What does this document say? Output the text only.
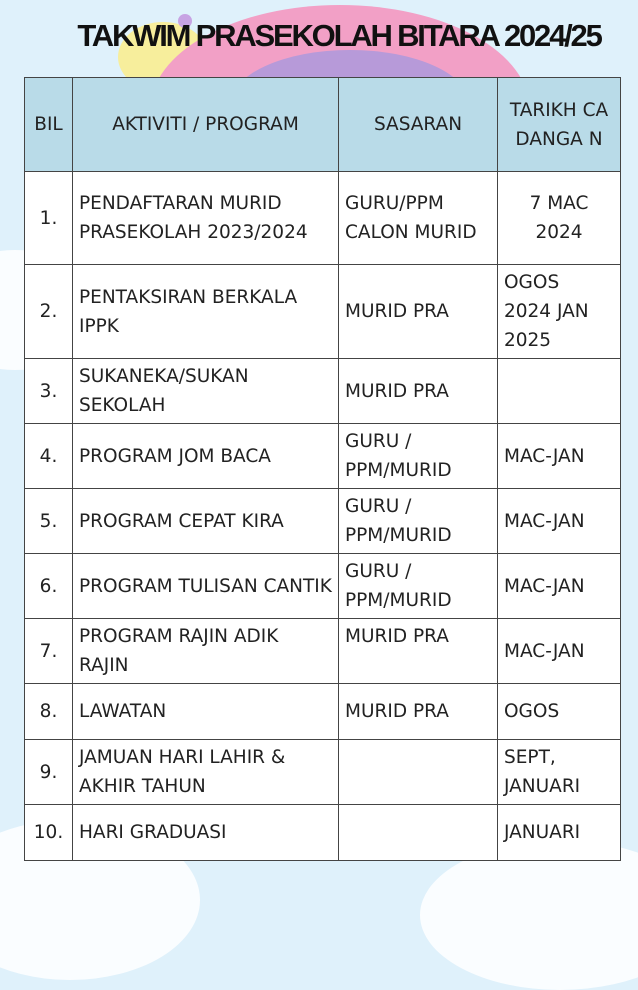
TAKWIM PRASEKOLAH BITARA 2024/25
BIL	AKTIVITI / PROGRAM	SASARAN	TARIKH CADANGA N
1.	PENDAFTARAN MURID PRASEKOLAH 2023/2024	GURU/PPM CALON MURID	7 MAC 2024
2.	PENTAKSIRAN BERKALA IPPK	MURID PRA	OGOS 2024 JAN 2025
3.	SUKANEKA/SUKAN SEKOLAH	MURID PRA	
4.	PROGRAM JOM BACA	GURU / PPM/MURID	MAC-JAN
5.	PROGRAM CEPAT KIRA	GURU / PPM/MURID	MAC-JAN
6.	PROGRAM TULISAN CANTIK	GURU / PPM/MURID	MAC-JAN
7.	PROGRAM RAJIN ADIK RAJIN	MURID PRA	MAC-JAN
8.	LAWATAN	MURID PRA	OGOS
9.	JAMUAN HARI LAHIR & AKHIR TAHUN		SEPT, JANUARI
10.	HARI GRADUASI		JANUARI
